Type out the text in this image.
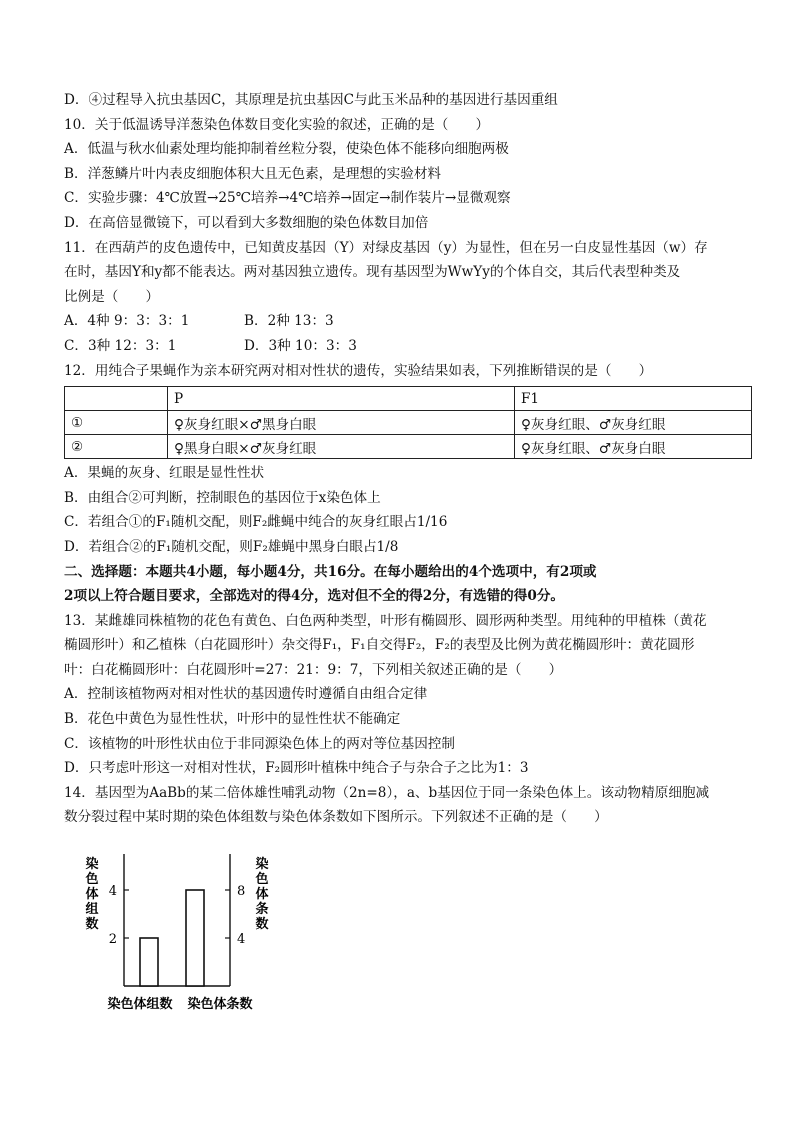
D．④过程导入抗虫基因C，其原理是抗虫基因C与此玉米品种的基因进行基因重组
10．关于低温诱导洋葱染色体数目变化实验的叙述，正确的是（　　）
A．低温与秋水仙素处理均能抑制着丝粒分裂，使染色体不能移向细胞两极
B．洋葱鳞片叶内表皮细胞体积大且无色素，是理想的实验材料
C．实验步骤：4℃放置→25℃培养→4℃培养→固定→制作装片→显微观察
D．在高倍显微镜下，可以看到大多数细胞的染色体数目加倍
11．在西葫芦的皮色遗传中，已知黄皮基因（Y）对绿皮基因（y）为显性，但在另一白皮显性基因（w）存
在时，基因Y和y都不能表达。两对基因独立遗传。现有基因型为WwYy的个体自交，其后代表型种类及
比例是（　　）
A．4种 9：3：3：1	B．2种 13：3
C．3种 12：3：1	D．3种 10：3：3
12．用纯合子果蝇作为亲本研究两对相对性状的遗传，实验结果如表，下列推断错误的是（　　）
	P	F1
①	♀灰身红眼×♂黑身白眼	♀灰身红眼、♂灰身红眼
②	♀黑身白眼×♂灰身红眼	♀灰身红眼、♂灰身白眼
A．果蝇的灰身、红眼是显性性状
B．由组合②可判断，控制眼色的基因位于x染色体上
C．若组合①的F₁随机交配，则F₂雌蝇中纯合的灰身红眼占1/16
D．若组合②的F₁随机交配，则F₂雄蝇中黑身白眼占1/8
二、选择题：本题共4小题，每小题4分，共16分。在每小题给出的4个选项中，有2项或
2项以上符合题目要求，全部选对的得4分，选对但不全的得2分，有选错的得0分。
13．某雌雄同株植物的花色有黄色、白色两种类型，叶形有椭圆形、圆形两种类型。用纯种的甲植株（黄花
椭圆形叶）和乙植株（白花圆形叶）杂交得F₁，F₁自交得F₂，F₂的表型及比例为黄花椭圆形叶：黄花圆形
叶：白花椭圆形叶：白花圆形叶=27：21：9：7，下列相关叙述正确的是（　　）
A．控制该植物两对相对性状的基因遗传时遵循自由组合定律
B．花色中黄色为显性性状，叶形中的显性性状不能确定
C．该植物的叶形性状由位于非同源染色体上的两对等位基因控制
D．只考虑叶形这一对相对性状，F₂圆形叶植株中纯合子与杂合子之比为1：3
14．基因型为AaBb的某二倍体雄性哺乳动物（2n=8），a、b基因位于同一条染色体上。该动物精原细胞减
数分裂过程中某时期的染色体组数与染色体条数如下图所示。下列叙述不正确的是（　　）
染色体组数
染色体条数
2
4
4
8
染色体组数 染色体条数
